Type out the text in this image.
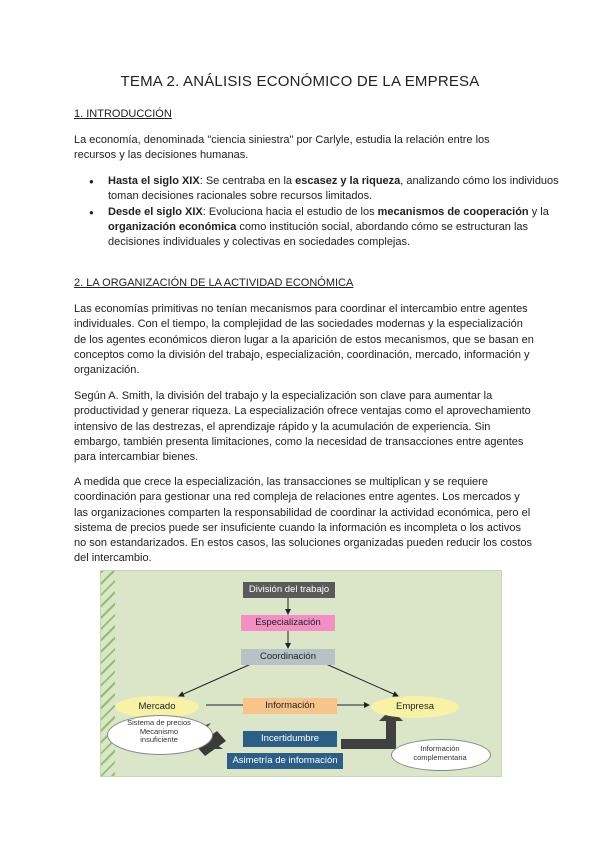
TEMA 2. ANÁLISIS ECONÓMICO DE LA EMPRESA
1. INTRODUCCIÓN

La economía, denominada "ciencia siniestra" por Carlyle, estudia la relación entre los recursos y las decisiones humanas.

● Hasta el siglo XIX: Se centraba en la escasez y la riqueza, analizando cómo los individuos toman decisiones racionales sobre recursos limitados.
● Desde el siglo XIX: Evoluciona hacia el estudio de los mecanismos de cooperación y la organización económica como institución social, abordando cómo se estructuran las decisiones individuales y colectivas en sociedades complejas.
2. LA ORGANIZACIÓN DE LA ACTIVIDAD ECONÓMICA

Las economías primitivas no tenían mecanismos para coordinar el intercambio entre agentes individuales. Con el tiempo, la complejidad de las sociedades modernas y la especialización de los agentes económicos dieron lugar a la aparición de estos mecanismos, que se basan en conceptos como la división del trabajo, especialización, coordinación, mercado, información y organización.

Según A. Smith, la división del trabajo y la especialización son clave para aumentar la productividad y generar riqueza. La especialización ofrece ventajas como el aprovechamiento intensivo de las destrezas, el aprendizaje rápido y la acumulación de experiencia. Sin embargo, también presenta limitaciones, como la necesidad de transacciones entre agentes para intercambiar bienes.

A medida que crece la especialización, las transacciones se multiplican y se requiere coordinación para gestionar una red compleja de relaciones entre agentes. Los mercados y las organizaciones comparten la responsabilidad de coordinar la actividad económica, pero el sistema de precios puede ser insuficiente cuando la información es incompleta o los activos no son estandarizados. En estos casos, las soluciones organizadas pueden reducir los costos del intercambio.

División del trabajo
Especialización
Coordinación
Información
Incertidumbre
Asimetría de información
Mercado	Empresa
Sistema de precios
Mecanismo
insuficiente
Información
complementaria
